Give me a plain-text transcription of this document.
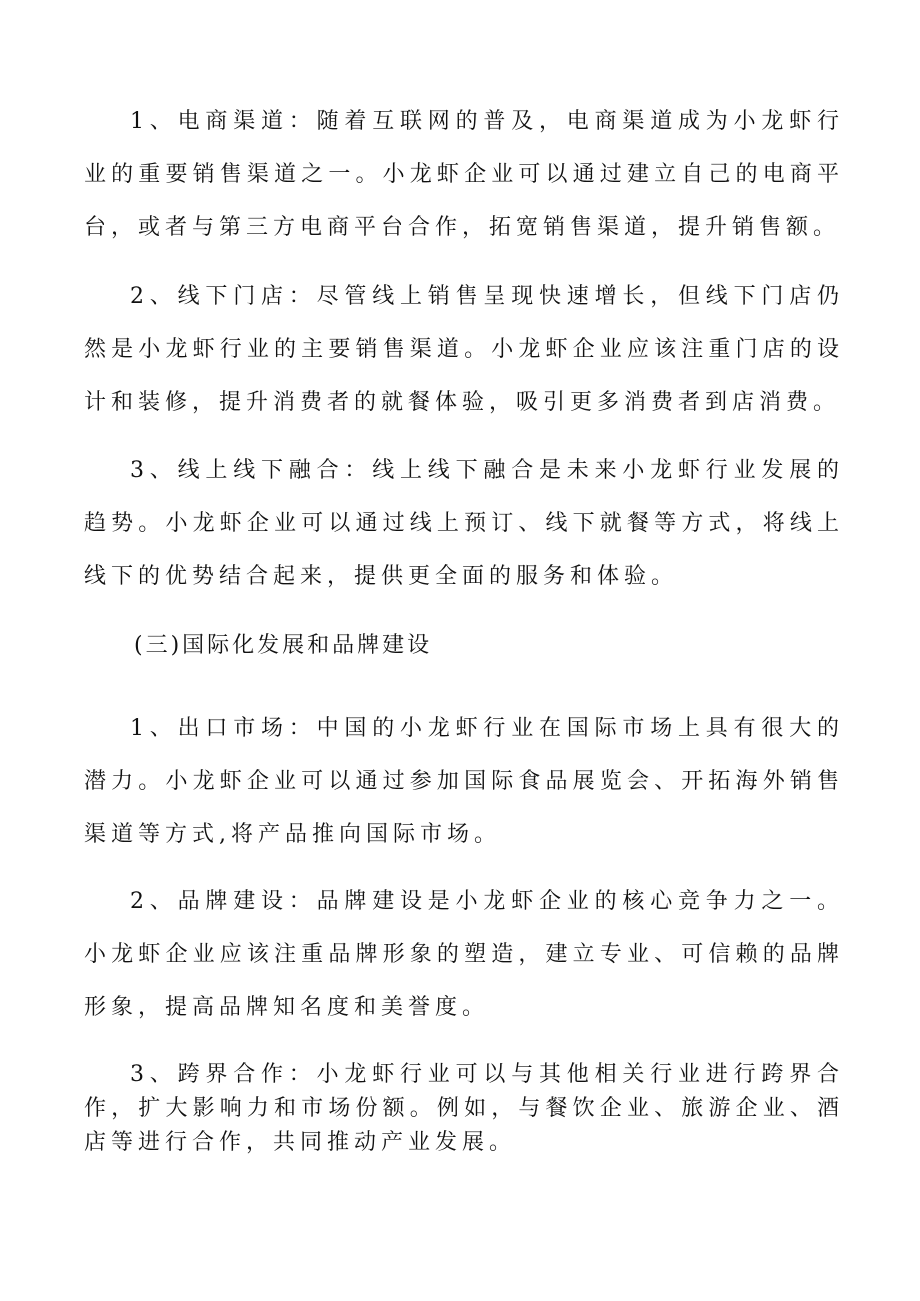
1、电商渠道：随着互联网的普及，电商渠道成为小龙虾行业的重要销售渠道之一。小龙虾企业可以通过建立自己的电商平台，或者与第三方电商平台合作，拓宽销售渠道，提升销售额。

2、线下门店：尽管线上销售呈现快速增长，但线下门店仍然是小龙虾行业的主要销售渠道。小龙虾企业应该注重门店的设计和装修，提升消费者的就餐体验，吸引更多消费者到店消费。

3、线上线下融合：线上线下融合是未来小龙虾行业发展的趋势。小龙虾企业可以通过线上预订、线下就餐等方式，将线上线下的优势结合起来，提供更全面的服务和体验。

(三)国际化发展和品牌建设

1、出口市场：中国的小龙虾行业在国际市场上具有很大的潜力。小龙虾企业可以通过参加国际食品展览会、开拓海外销售渠道等方式,将产品推向国际市场。

2、品牌建设：品牌建设是小龙虾企业的核心竞争力之一。小龙虾企业应该注重品牌形象的塑造，建立专业、可信赖的品牌形象，提高品牌知名度和美誉度。

3、跨界合作：小龙虾行业可以与其他相关行业进行跨界合作，扩大影响力和市场份额。例如，与餐饮企业、旅游企业、酒店等进行合作，共同推动产业发展。
